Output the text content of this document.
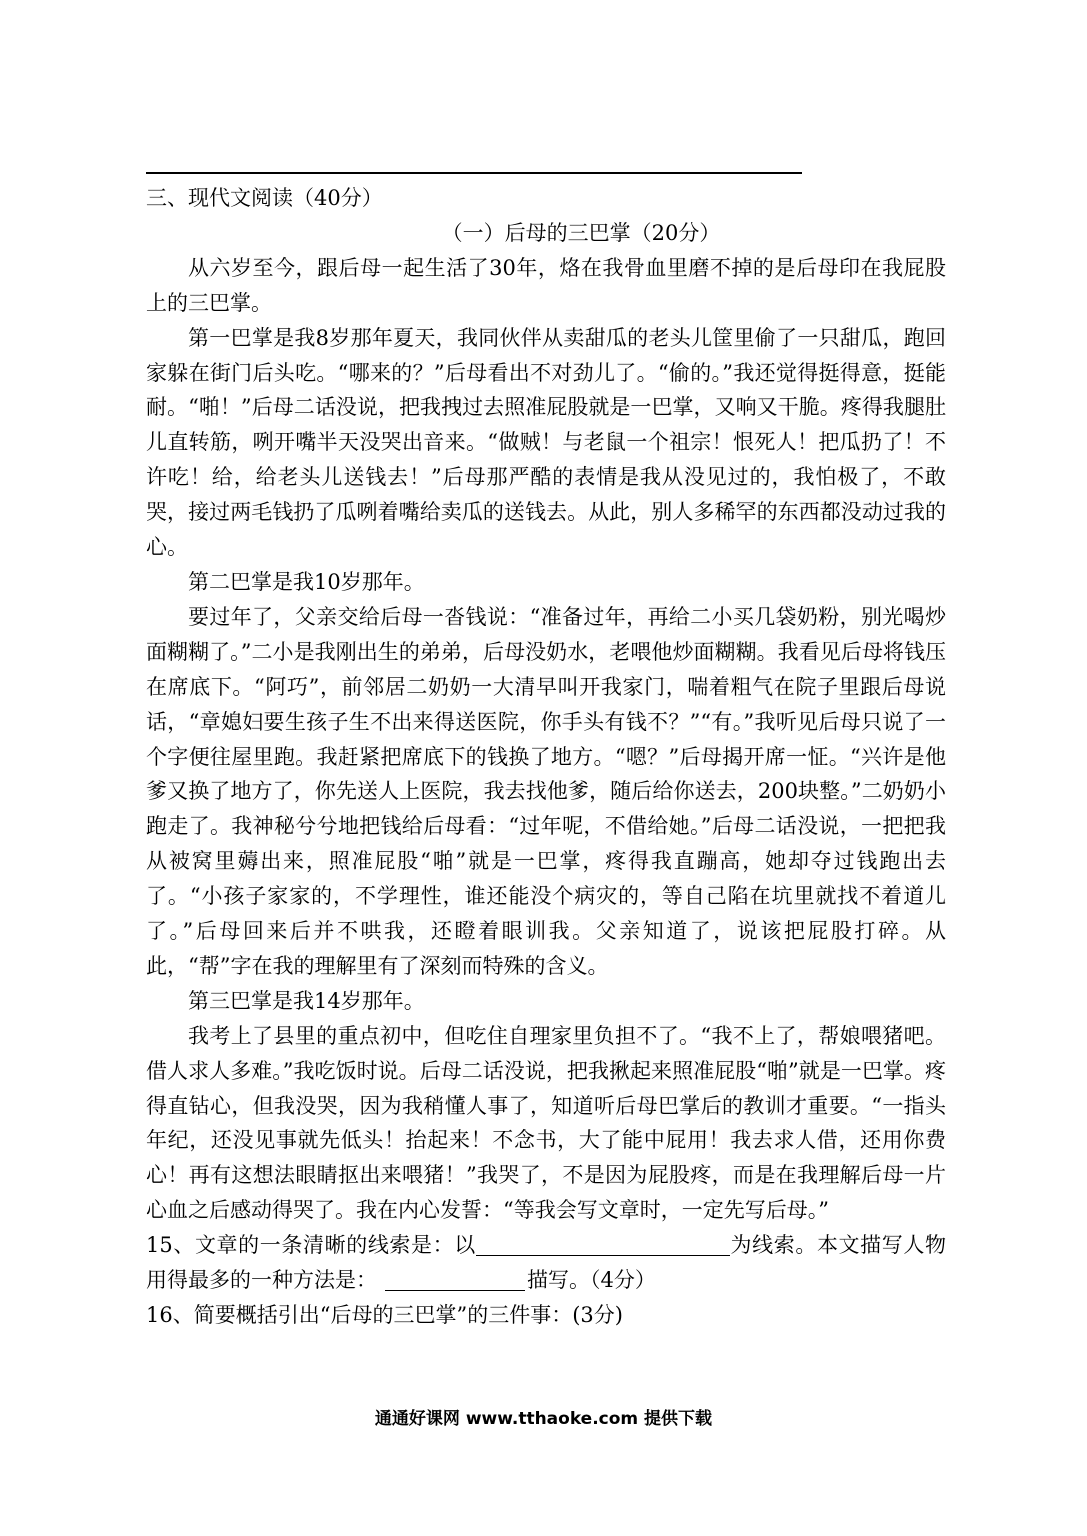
三、现代文阅读（40分）

（一）后母的三巴掌（20分）

从六岁至今，跟后母一起生活了30年，烙在我骨血里磨不掉的是后母印在我屁股上的三巴掌。

第一巴掌是我8岁那年夏天，我同伙伴从卖甜瓜的老头儿筐里偷了一只甜瓜，跑回家躲在街门后头吃。“哪来的？”后母看出不对劲儿了。“偷的。”我还觉得挺得意，挺能耐。“啪！”后母二话没说，把我拽过去照准屁股就是一巴掌，又响又干脆。疼得我腿肚儿直转筋，咧开嘴半天没哭出音来。“做贼！与老鼠一个祖宗！恨死人！把瓜扔了！不许吃！给，给老头儿送钱去！”后母那严酷的表情是我从没见过的，我怕极了，不敢哭，接过两毛钱扔了瓜咧着嘴给卖瓜的送钱去。从此，别人多稀罕的东西都没动过我的心。

第二巴掌是我10岁那年。

要过年了，父亲交给后母一沓钱说：“准备过年，再给二小买几袋奶粉，别光喝炒面糊糊了。”二小是我刚出生的弟弟，后母没奶水，老喂他炒面糊糊。我看见后母将钱压在席底下。“阿巧”，前邻居二奶奶一大清早叫开我家门，喘着粗气在院子里跟后母说话，“章媳妇要生孩子生不出来得送医院，你手头有钱不？”“有。”我听见后母只说了一个字便往屋里跑。我赶紧把席底下的钱换了地方。“嗯？”后母揭开席一怔。“兴许是他爹又换了地方了，你先送人上医院，我去找他爹，随后给你送去，200块整。”二奶奶小跑走了。我神秘兮兮地把钱给后母看：“过年呢，不借给她。”后母二话没说，一把把我从被窝里薅出来，照准屁股“啪”就是一巴掌，疼得我直蹦高，她却夺过钱跑出去了。“小孩子家家的，不学理性，谁还能没个病灾的，等自己陷在坑里就找不着道儿了。”后母回来后并不哄我，还瞪着眼训我。父亲知道了，说该把屁股打碎。从此，“帮”字在我的理解里有了深刻而特殊的含义。

第三巴掌是我14岁那年。

我考上了县里的重点初中，但吃住自理家里负担不了。“我不上了，帮娘喂猪吧。借人求人多难。”我吃饭时说。后母二话没说，把我揪起来照准屁股“啪”就是一巴掌。疼得直钻心，但我没哭，因为我稍懂人事了，知道听后母巴掌后的教训才重要。“一指头年纪，还没见事就先低头！抬起来！不念书，大了能中屁用！我去求人借，还用你费心！再有这想法眼睛抠出来喂猪！”我哭了，不是因为屁股疼，而是在我理解后母一片心血之后感动得哭了。我在内心发誓：“等我会写文章时，一定先写后母。”

15、文章的一条清晰的线索是：以	为线索。本文描写人物用得最多的一种方法是：	描写。（4分）

16、简要概括引出“后母的三巴掌”的三件事：(3分)

通通好课网 www.tthaoke.com 提供下载
